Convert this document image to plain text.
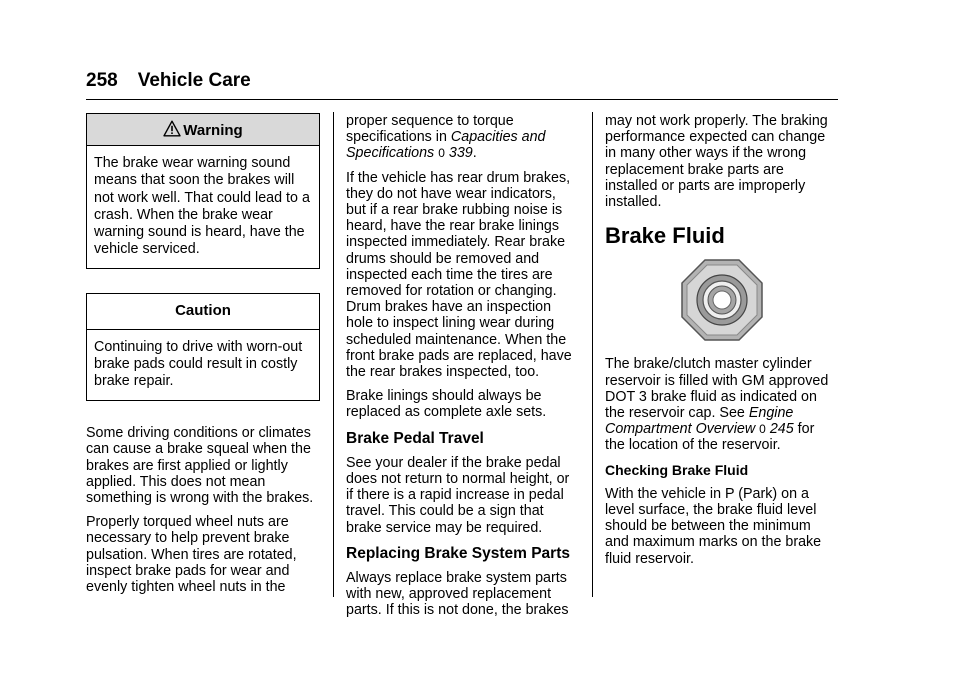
258 Vehicle Care
Warning
The brake wear warning sound means that soon the brakes will not work well. That could lead to a crash. When the brake wear warning sound is heard, have the vehicle serviced.
Caution
Continuing to drive with worn-out brake pads could result in costly brake repair.

Some driving conditions or climates can cause a brake squeal when the brakes are first applied or lightly applied. This does not mean something is wrong with the brakes.

Properly torqued wheel nuts are necessary to help prevent brake pulsation. When tires are rotated, inspect brake pads for wear and evenly tighten wheel nuts in the

proper sequence to torque specifications in Capacities and Specifications 0 339.

If the vehicle has rear drum brakes, they do not have wear indicators, but if a rear brake rubbing noise is heard, have the rear brake linings inspected immediately. Rear brake drums should be removed and inspected each time the tires are removed for rotation or changing. Drum brakes have an inspection hole to inspect lining wear during scheduled maintenance. When the front brake pads are replaced, have the rear brakes inspected, too.

Brake linings should always be replaced as complete axle sets.

Brake Pedal Travel

See your dealer if the brake pedal does not return to normal height, or if there is a rapid increase in pedal travel. This could be a sign that brake service may be required.

Replacing Brake System Parts

Always replace brake system parts with new, approved replacement parts. If this is not done, the brakes

may not work properly. The braking performance expected can change in many other ways if the wrong replacement brake parts are installed or parts are improperly installed.

Brake Fluid

The brake/clutch master cylinder reservoir is filled with GM approved DOT 3 brake fluid as indicated on the reservoir cap. See Engine Compartment Overview 0 245 for the location of the reservoir.

Checking Brake Fluid

With the vehicle in P (Park) on a level surface, the brake fluid level should be between the minimum and maximum marks on the brake fluid reservoir.
